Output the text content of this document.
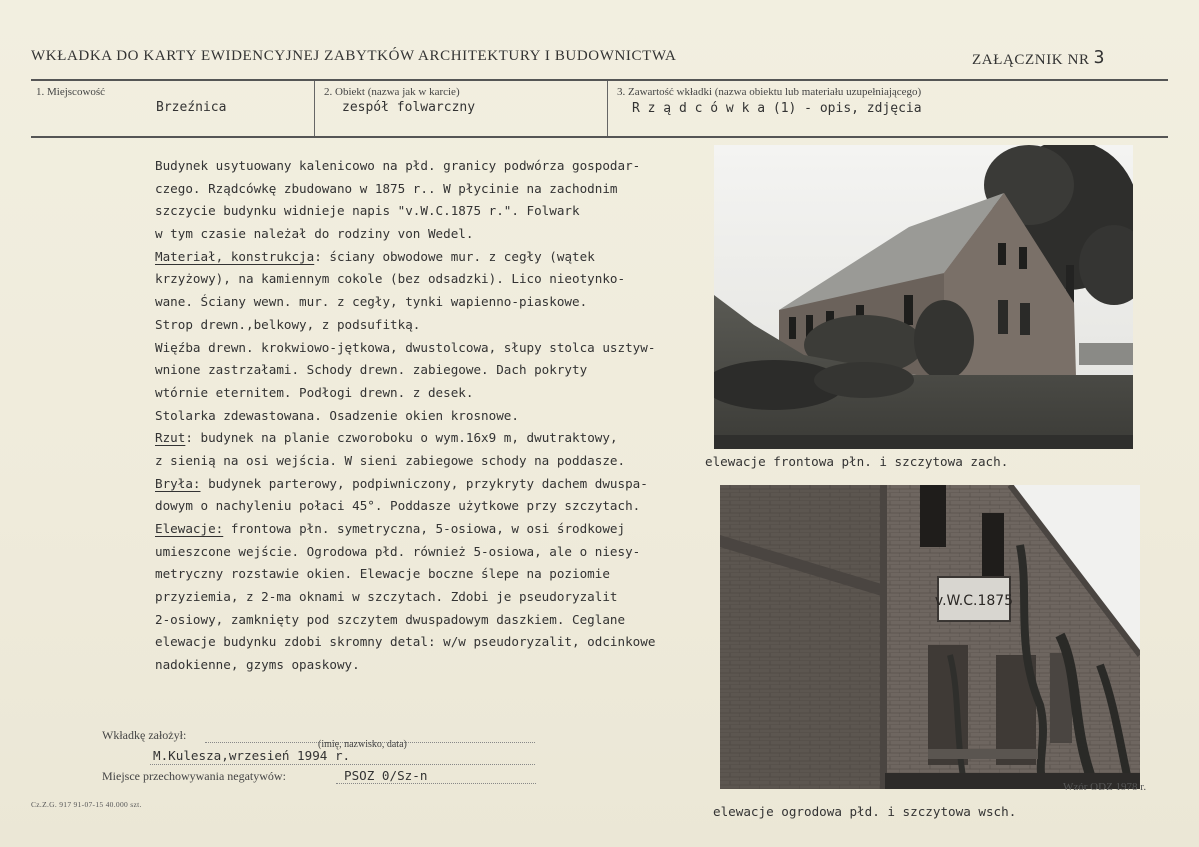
WKŁADKA DO KARTY EWIDENCYJNEJ ZABYTKÓW ARCHITEKTURY I BUDOWNICTWA	ZAŁĄCZNIK NR 3
1. Miejscowość
Brzeźnica
2. Obiekt (nazwa jak w karcie)
zespół folwarczny
3. Zawartość wkładki (nazwa obiektu lub materiału uzupełniającego)
R z ą d c ó w k a (1) - opis, zdjęcia
Budynek usytuowany kalenicowo na płd. granicy podwórza gospodar-
czego. Rządcówkę zbudowano w 1875 r.. W płycinie na zachodnim
szczycie budynku widnieje napis "v.W.C.1875 r.". Folwark
w tym czasie należał do rodziny von Wedel.
Materiał, konstrukcja: ściany obwodowe mur. z cegły (wątek
krzyżowy), na kamiennym cokole (bez odsadzki). Lico nieotynko-
wane. Ściany wewn. mur. z cegły, tynki wapienno-piaskowe.
Strop drewn.,belkowy, z podsufitką.
Więźba drewn. krokwiowo-jętkowa, dwustolcowa, słupy stolca usztyw-
wnione zastrzałami. Schody drewn. zabiegowe. Dach pokryty
wtórnie eternitem. Podłogi drewn. z desek.
Stolarka zdewastowana. Osadzenie okien krosnowe.
Rzut: budynek na planie czworoboku o wym.16x9 m, dwutraktowy,
z sienią na osi wejścia. W sieni zabiegowe schody na poddasze.
Bryła: budynek parterowy, podpiwniczony, przykryty dachem dwuspa-
dowym o nachyleniu połaci 45°. Poddasze użytkowe przy szczytach.
Elewacje: frontowa płn. symetryczna, 5-osiowa, w osi środkowej
umieszcone wejście. Ogrodowa płd. również 5-osiowa, ale o niesy-
metryczny rozstawie okien. Elewacje boczne ślepe na poziomie
przyziemia, z 2-ma oknami w szczytach. Zdobi je pseudoryzalit
2-osiowy, zamknięty pod szczytem dwuspadowym daszkiem. Ceglane
elewacje budynku zdobi skromny detal: w/w pseudoryzalit, odcinkowe
nadokienne, gzyms opaskowy.
elewacje frontowa płn. i szczytowa zach.
v.W.C.1875
elewacje ogrodowa płd. i szczytowa wsch.
Wkładkę założył:
(imię, nazwisko, data)
M.Kulesza,wrzesień 1994 r.
Miejsce przechowywania negatywów:	PSOZ 0/Sz-n
Cz.Z.G. 917 91-07-15 40.000 szt.
Wzór ODZ 1978 r.
